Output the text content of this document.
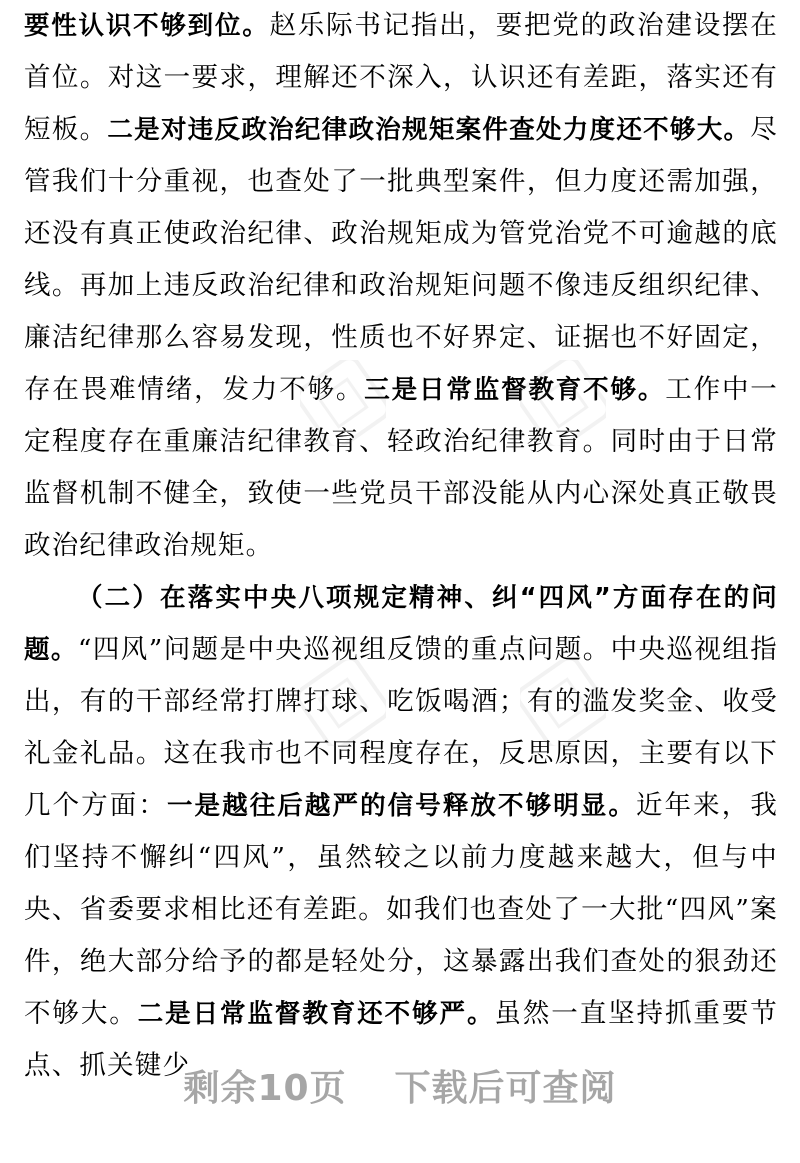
要性认识不够到位。赵乐际书记指出，要把党的政治建设摆在首位。对这一要求，理解还不深入，认识还有差距，落实还有短板。二是对违反政治纪律政治规矩案件查处力度还不够大。尽管我们十分重视，也查处了一批典型案件，但力度还需加强，还没有真正使政治纪律、政治规矩成为管党治党不可逾越的底线。再加上违反政治纪律和政治规矩问题不像违反组织纪律、廉洁纪律那么容易发现，性质也不好界定、证据也不好固定，存在畏难情绪，发力不够。三是日常监督教育不够。工作中一定程度存在重廉洁纪律教育、轻政治纪律教育。同时由于日常监督机制不健全，致使一些党员干部没能从内心深处真正敬畏政治纪律政治规矩。

（二）在落实中央八项规定精神、纠“四风”方面存在的问题。“四风”问题是中央巡视组反馈的重点问题。中央巡视组指出，有的干部经常打牌打球、吃饭喝酒；有的滥发奖金、收受礼金礼品。这在我市也不同程度存在，反思原因，主要有以下几个方面：一是越往后越严的信号释放不够明显。近年来，我们坚持不懈纠“四风”，虽然较之以前力度越来越大，但与中央、省委要求相比还有差距。如我们也查处了一大批“四风”案件，绝大部分给予的都是轻处分，这暴露出我们查处的狠劲还不够大。二是日常监督教育还不够严。虽然一直坚持抓重要节点、抓关键少

剩余10页 下载后可查阅
